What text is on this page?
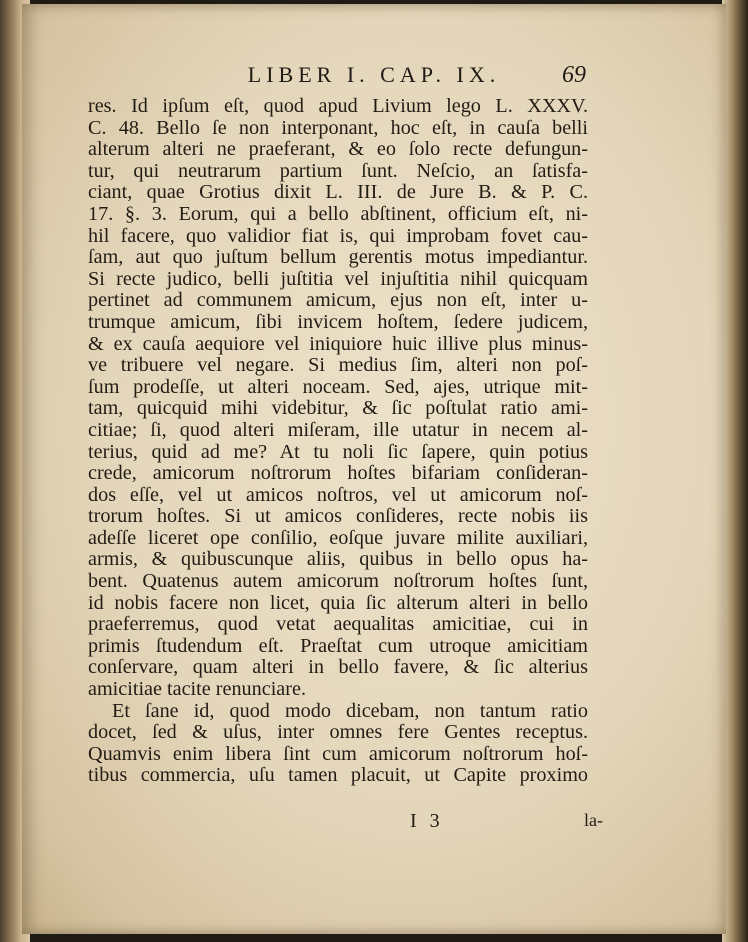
LIBER I. CAP. IX.	69
res. Id ipſum eſt, quod apud Livium lego L. XXXV.
C. 48. Bello ſe non interponant, hoc eſt, in cauſa belli
alterum alteri ne praeferant, & eo ſolo recte defungun-
tur, qui neutrarum partium ſunt. Neſcio, an ſatisfa-
ciant, quae Grotius dixit L. III. de Jure B. & P. C.
17. §. 3. Eorum, qui a bello abſtinent, officium eſt, ni-
hil facere, quo validior fiat is, qui improbam fovet cau-
ſam, aut quo juſtum bellum gerentis motus impediantur.
Si recte judico, belli juſtitia vel injuſtitia nihil quicquam
pertinet ad communem amicum, ejus non eſt, inter u-
trumque amicum, ſibi invicem hoſtem, ſedere judicem,
& ex cauſa aequiore vel iniquiore huic illive plus minus-
ve tribuere vel negare. Si medius ſim, alteri non poſ-
ſum prodeſſe, ut alteri noceam. Sed, ajes, utrique mit-
tam, quicquid mihi videbitur, & ſic poſtulat ratio ami-
citiae; ſi, quod alteri miſeram, ille utatur in necem al-
terius, quid ad me? At tu noli ſic ſapere, quin potius
crede, amicorum noſtrorum hoſtes bifariam conſideran-
dos eſſe, vel ut amicos noſtros, vel ut amicorum noſ-
trorum hoſtes. Si ut amicos conſideres, recte nobis iis
adeſſe liceret ope conſilio, eoſque juvare milite auxiliari,
armis, & quibuscunque aliis, quibus in bello opus ha-
bent. Quatenus autem amicorum noſtrorum hoſtes ſunt,
id nobis facere non licet, quia ſic alterum alteri in bello
praeferremus, quod vetat aequalitas amicitiae, cui in
primis ſtudendum eſt. Praeſtat cum utroque amicitiam
conſervare, quam alteri in bello favere, & ſic alterius
amicitiae tacite renunciare.
Et ſane id, quod modo dicebam, non tantum ratio
docet, ſed & uſus, inter omnes fere Gentes receptus.
Quamvis enim libera ſint cum amicorum noſtrorum hoſ-
tibus commercia, uſu tamen placuit, ut Capite proximo
I 3	la-
